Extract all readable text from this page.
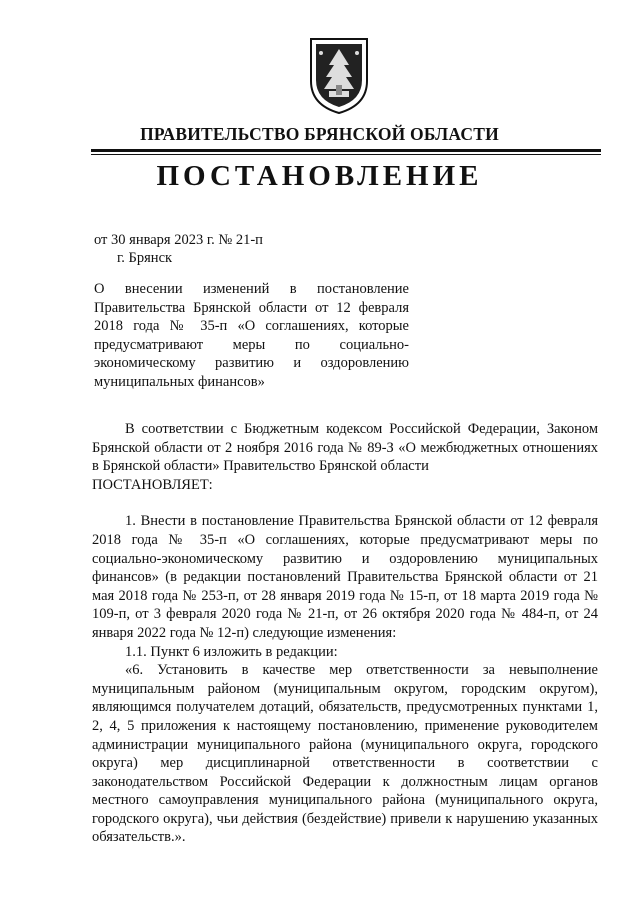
ПРАВИТЕЛЬСТВО БРЯНСКОЙ ОБЛАСТИ
ПОСТАНОВЛЕНИЕ
от 30 января 2023 г. № 21-п
г. Брянск

О внесении изменений в постановление Правительства Брянской области от 12 февраля 2018 года № 35-п «О соглашениях, которые предусматривают меры по социально-экономическому развитию и оздоровлению муниципальных финансов»

В соответствии с Бюджетным кодексом Российской Федерации, Законом Брянской области от 2 ноября 2016 года № 89-З «О межбюджетных отношениях в Брянской области» Правительство Брянской области

ПОСТАНОВЛЯЕТ:

1. Внести в постановление Правительства Брянской области от 12 февраля 2018 года № 35-п «О соглашениях, которые предусматривают меры по социально-экономическому развитию и оздоровлению муниципальных финансов» (в редакции постановлений Правительства Брянской области от 21 мая 2018 года № 253-п, от 28 января 2019 года № 15-п, от 18 марта 2019 года № 109-п, от 3 февраля 2020 года № 21-п, от 26 октября 2020 года № 484-п, от 24 января 2022 года № 12-п) следующие изменения:

1.1. Пункт 6 изложить в редакции:

«6. Установить в качестве мер ответственности за невыполнение муниципальным районом (муниципальным округом, городским округом), являющимся получателем дотаций, обязательств, предусмотренных пунктами 1, 2, 4, 5 приложения к настоящему постановлению, применение руководителем администрации муниципального района (муниципального округа, городского округа) мер дисциплинарной ответственности в соответствии с законодательством Российской Федерации к должностным лицам органов местного самоуправления муниципального района (муниципального округа, городского округа), чьи действия (бездействие) привели к нарушению указанных обязательств.».
